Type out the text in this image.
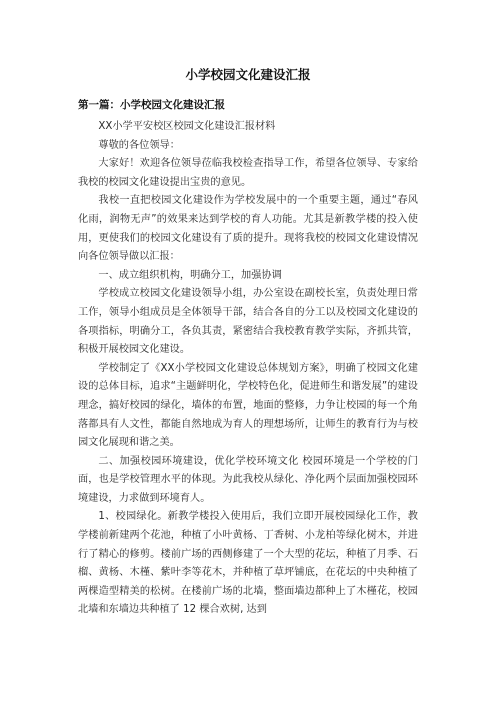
小学校园文化建设汇报
第一篇：小学校园文化建设汇报

XX小学平安校区校园文化建设汇报材料

尊敬的各位领导：

大家好！欢迎各位领导莅临我校检查指导工作，希望各位领导、专家给我校的校园文化建设提出宝贵的意见。

我校一直把校园文化建设作为学校发展中的一个重要主题，通过“春风化雨，润物无声”的效果来达到学校的育人功能。尤其是新教学楼的投入使用，更使我们的校园文化建设有了质的提升。现将我校的校园文化建设情况向各位领导做以汇报：

一、成立组织机构，明确分工，加强协调

学校成立校园文化建设领导小组，办公室设在副校长室，负责处理日常工作，领导小组成员是全体领导干部，结合各自的分工以及校园文化建设的各项指标，明确分工，各负其责，紧密结合我校教育教学实际，齐抓共管，积极开展校园文化建设。

学校制定了《XX小学校园文化建设总体规划方案》，明确了校园文化建设的总体目标，追求“主题鲜明化，学校特色化，促进师生和谐发展”的建设理念，搞好校园的绿化，墙体的布置，地面的整修，力争让校园的每一个角落都具有人文性，都能自然地成为育人的理想场所，让师生的教育行为与校园文化展现和谐之美。

二、加强校园环境建设，优化学校环境文化 校园环境是一个学校的门面，也是学校管理水平的体现。为此我校从绿化、净化两个层面加强校园环境建设，力求做到环境育人。

1、校园绿化。新教学楼投入使用后，我们立即开展校园绿化工作，教学楼前新建两个花池，种植了小叶黄杨、丁香树、小龙柏等绿化树木，并进行了精心的修剪。楼前广场的西侧修建了一个大型的花坛，种植了月季、石榴、黄杨、木槿、紫叶李等花木，并种植了草坪铺底，在花坛的中央种植了两棵造型精美的松树。在楼前广场的北墙，整面墙边都种上了木槿花，校园北墙和东墙边共种植了 12 棵合欢树, 达到
